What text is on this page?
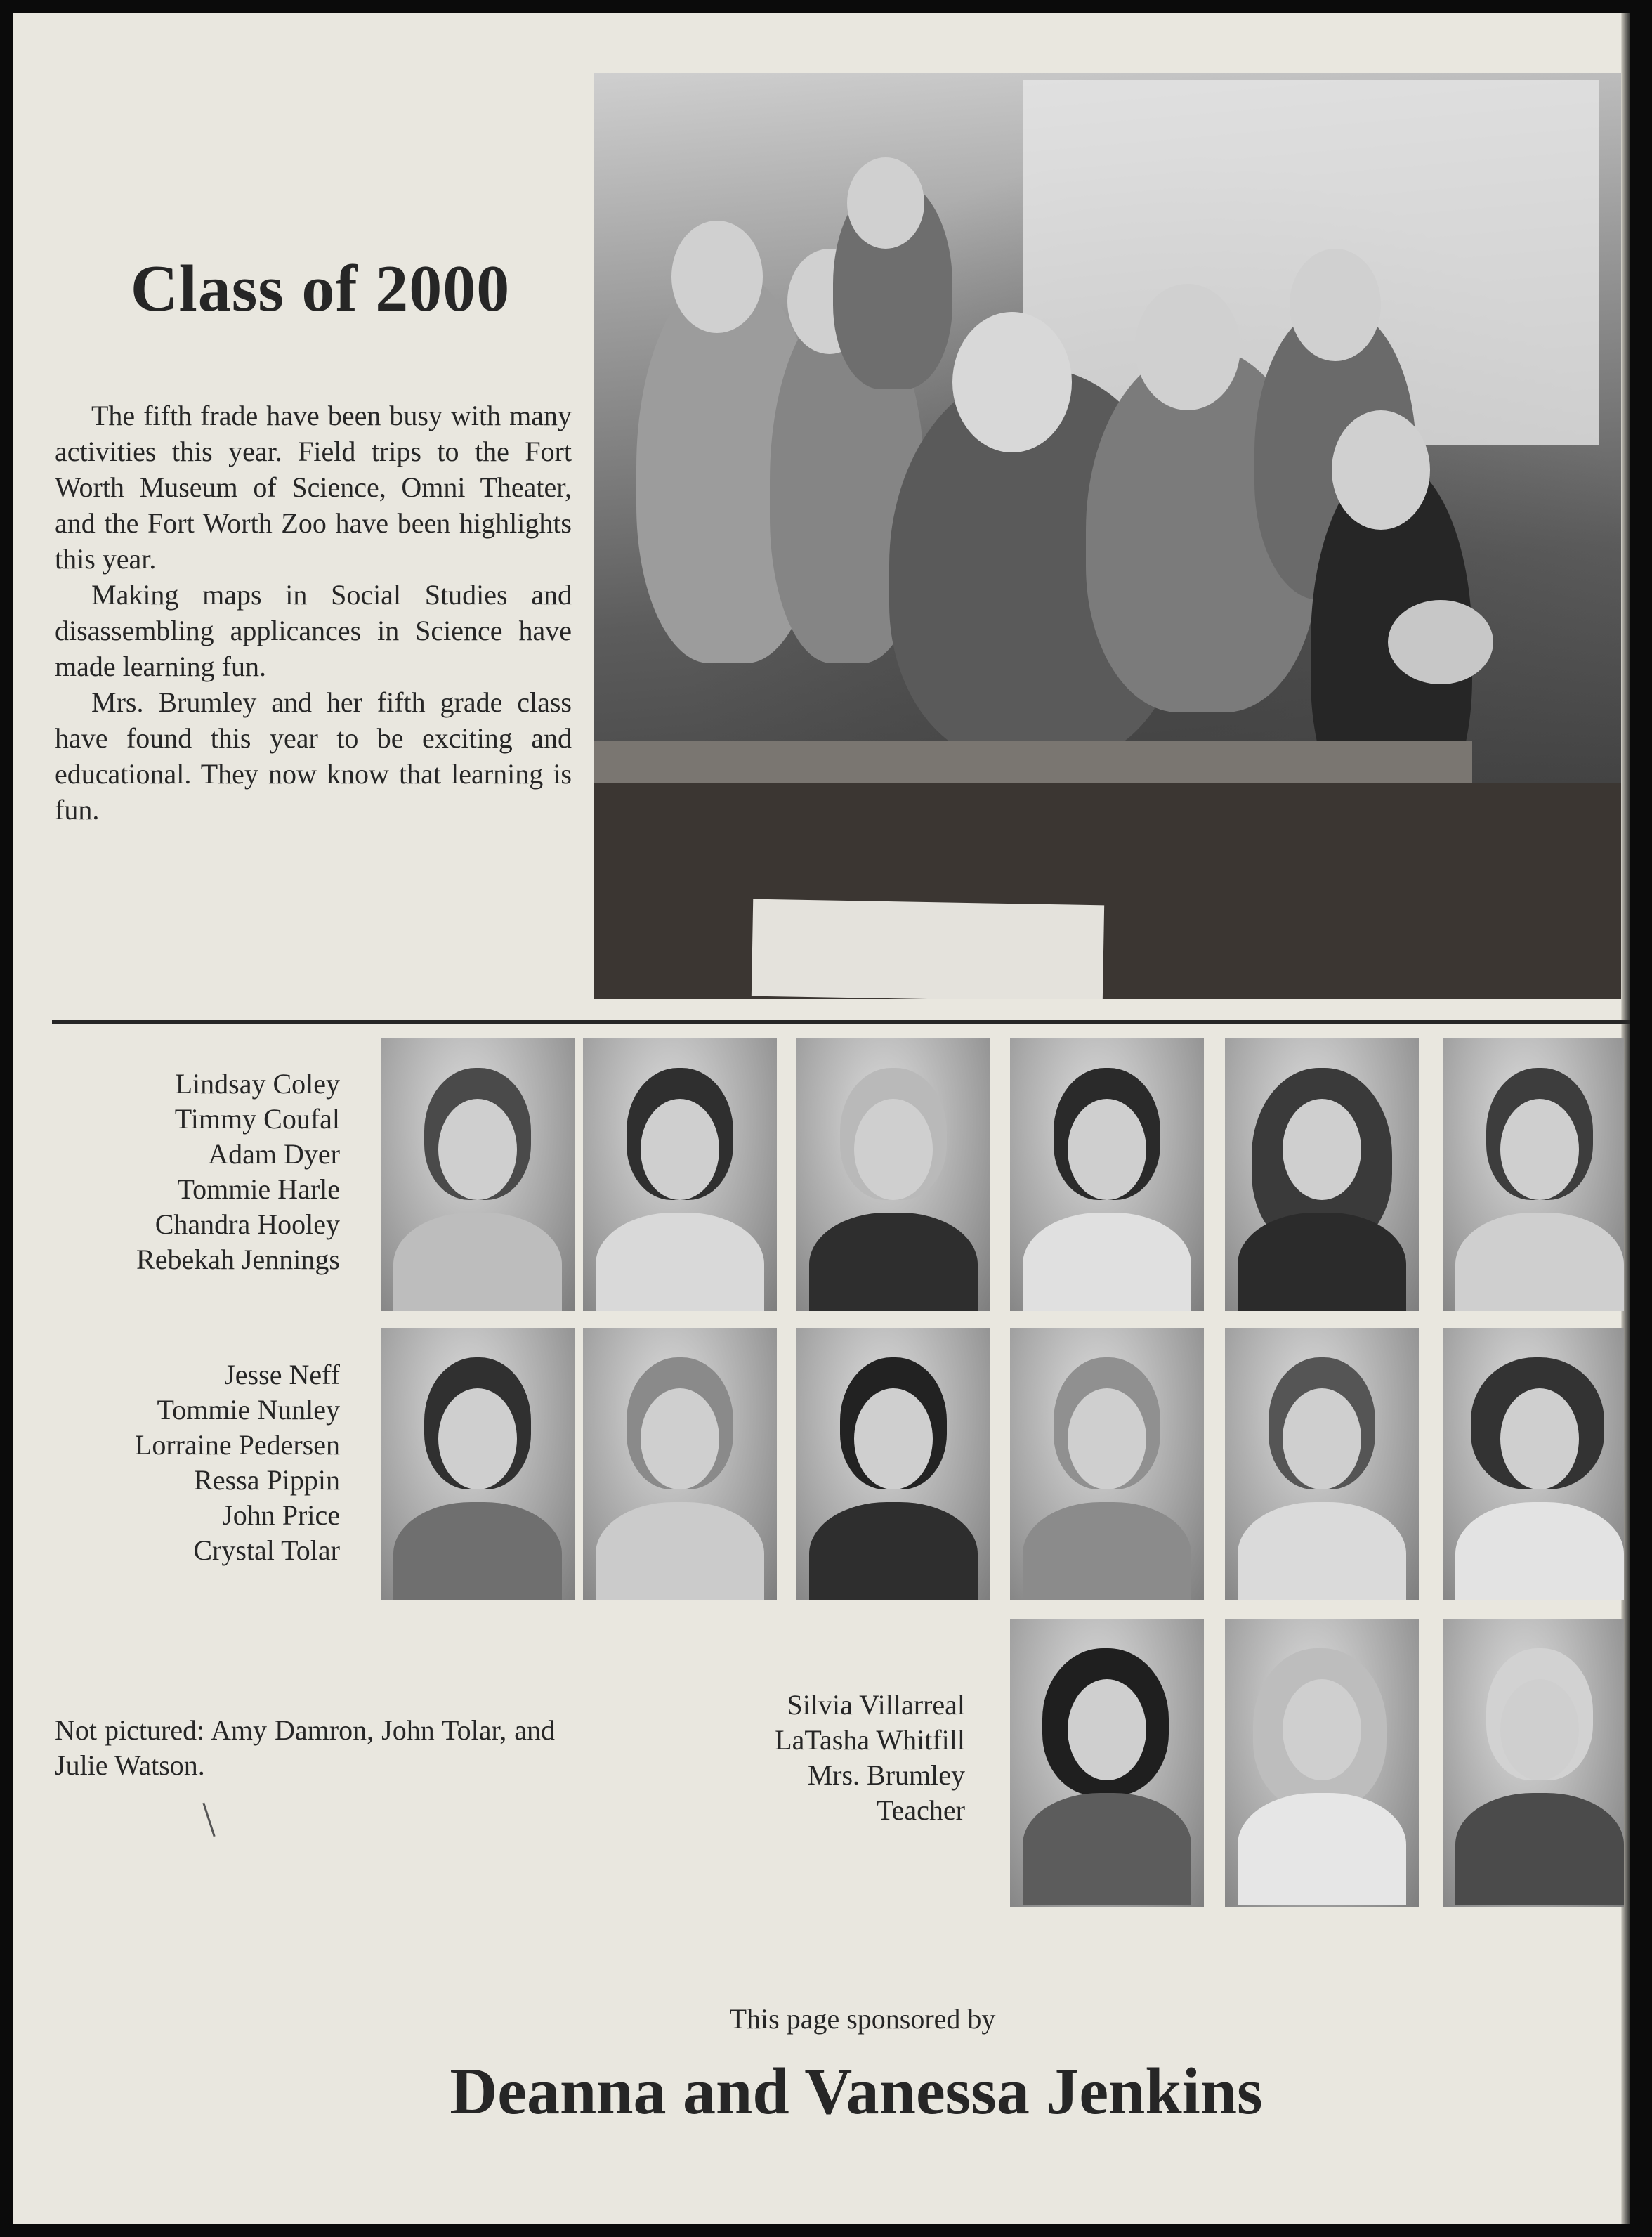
Class of 2000

The fifth frade have been busy with many activities this year. Field trips to the Fort Worth Museum of Science, Omni Theater, and the Fort Worth Zoo have been highlights this year.

Making maps in Social Studies and disassembling applicances in Science have made learning fun.

Mrs. Brumley and her fifth grade class have found this year to be exciting and educational. They now know that learning is fun.

Lindsay Coley
Timmy Coufal
Adam Dyer
Tommie Harle
Chandra Hooley
Rebekah Jennings
Jesse Neff
Tommie Nunley
Lorraine Pedersen
Ressa Pippin
John Price
Crystal Tolar
Silvia Villarreal
LaTasha Whitfill
Mrs. Brumley
Teacher

Not pictured: Amy Damron, John Tolar, and Julie Watson.

This page sponsored by

Deanna and Vanessa Jenkins
